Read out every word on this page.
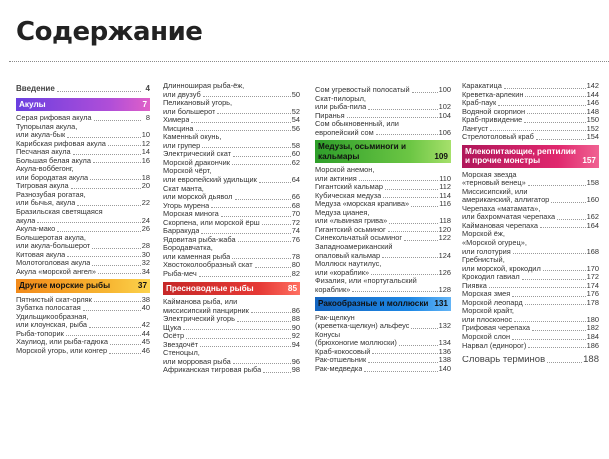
Содержание
Введение	4
Акулы	7
Серая рифовая акула	8
Тупорылая акула,
или акула-бык	10
Карибская рифовая акула	12
Песчаная акула	14
Большая белая акула	16
Акула-воббегонг,
или бородатая акула	18
Тигровая акула	20
Разнозубая рогатая,
или бычья, акула	22
Бразильская светящаяся
акула	24
Акула-мако	26
Большеротая акула,
или акула-большерот	28
Китовая акула	30
Молотоголовая акула	32
Акула «морской ангел»	34
Другие морские рыбы	37
Пятнистый скат-орляк	38
Зубатка полосатая	40
Удильщикообразная,
или клоунская, рыба	42
Рыба-топорик	44
Хаулиод, или рыба-гадюка	45
Морской угорь, или конгер	46
Длинноширая рыба-ёж,
или двузуб	50
Пеликановый угорь,
или большерот	52
Химера	54
Мисцина	56
Каменный окунь,
или групер	58
Электрический скат	60
Морской дракончик	62
Морской чёрт,
или европейский удильщик	64
Скат манта,
или морской дьявол	66
Угорь мурена	68
Морская минога	70
Скорпена, или морской ёрш	72
Барракуда	74
Ядовитая рыба-жаба	76
Бородавчатка,
или каменная рыба	78
Хвостоколообразный скат	80
Рыба-меч	82
Пресноводные рыбы	85
Кайманова рыба, или
миссисипский панцирник	86
Электрический угорь	88
Щука	90
Осётр	92
Звездочёт	94
Стеноцыл,
или морровая рыба	96
Африканская тигровая рыба	98
Сом угревостый полосатый	100
Скат-пилорыл,
или рыба-пила	102
Пиранья	104
Сом обыкновенный, или
европейский сом	106
Медузы, осьминоги и кальмары	109
Морской анемон,
или актиния	110
Гигантский кальмар	112
Кубическая медуза	114
Медуза «морская крапива»	116
Медуза цианея,
или «львиная грива»	118
Гигантский осьминог	120
Синекольчатый осьминог	122
Западноамериканский
опаловый кальмар	124
Моллюск наутилус,
или «кораблик»	126
Физалия, или «португальский
кораблик»	128
Ракообразные и моллюски 131
Рак-щелкун
(креветка-щелкун) альфеус	132
Конусы
(брюхоногие моллюски)	134
Краб-кокосовый	136
Рак-отшельник	138
Рак-медведка	140
Каракатица	142
Креветка-арлекин	144
Краб-паук	146
Водяной скорпион	148
Краб-привидение	150
Лангуст	152
Стрелотоловый краб	154
Млекопитающие, рептилии и прочие монстры	157
Морская звезда
«терновый венец»	158
Миссисипский, или
американский, аллигатор	160
Черепаха «матамата»,
или бахромчатая черепаха	162
Каймановая черепаха	164
Морской ёж,
«Морской огурец»,
или голотурия	168
Гребнистый,
или морской, крокодил	170
Крокодил гавиал	172
Пиявка	174
Морская змея	176
Морской леопард	178
Морской крайт,
или плосконос	180
Грифовая черепаха	182
Морской слон	184
Нарвал (единорог)	186
Словарь терминов	188
